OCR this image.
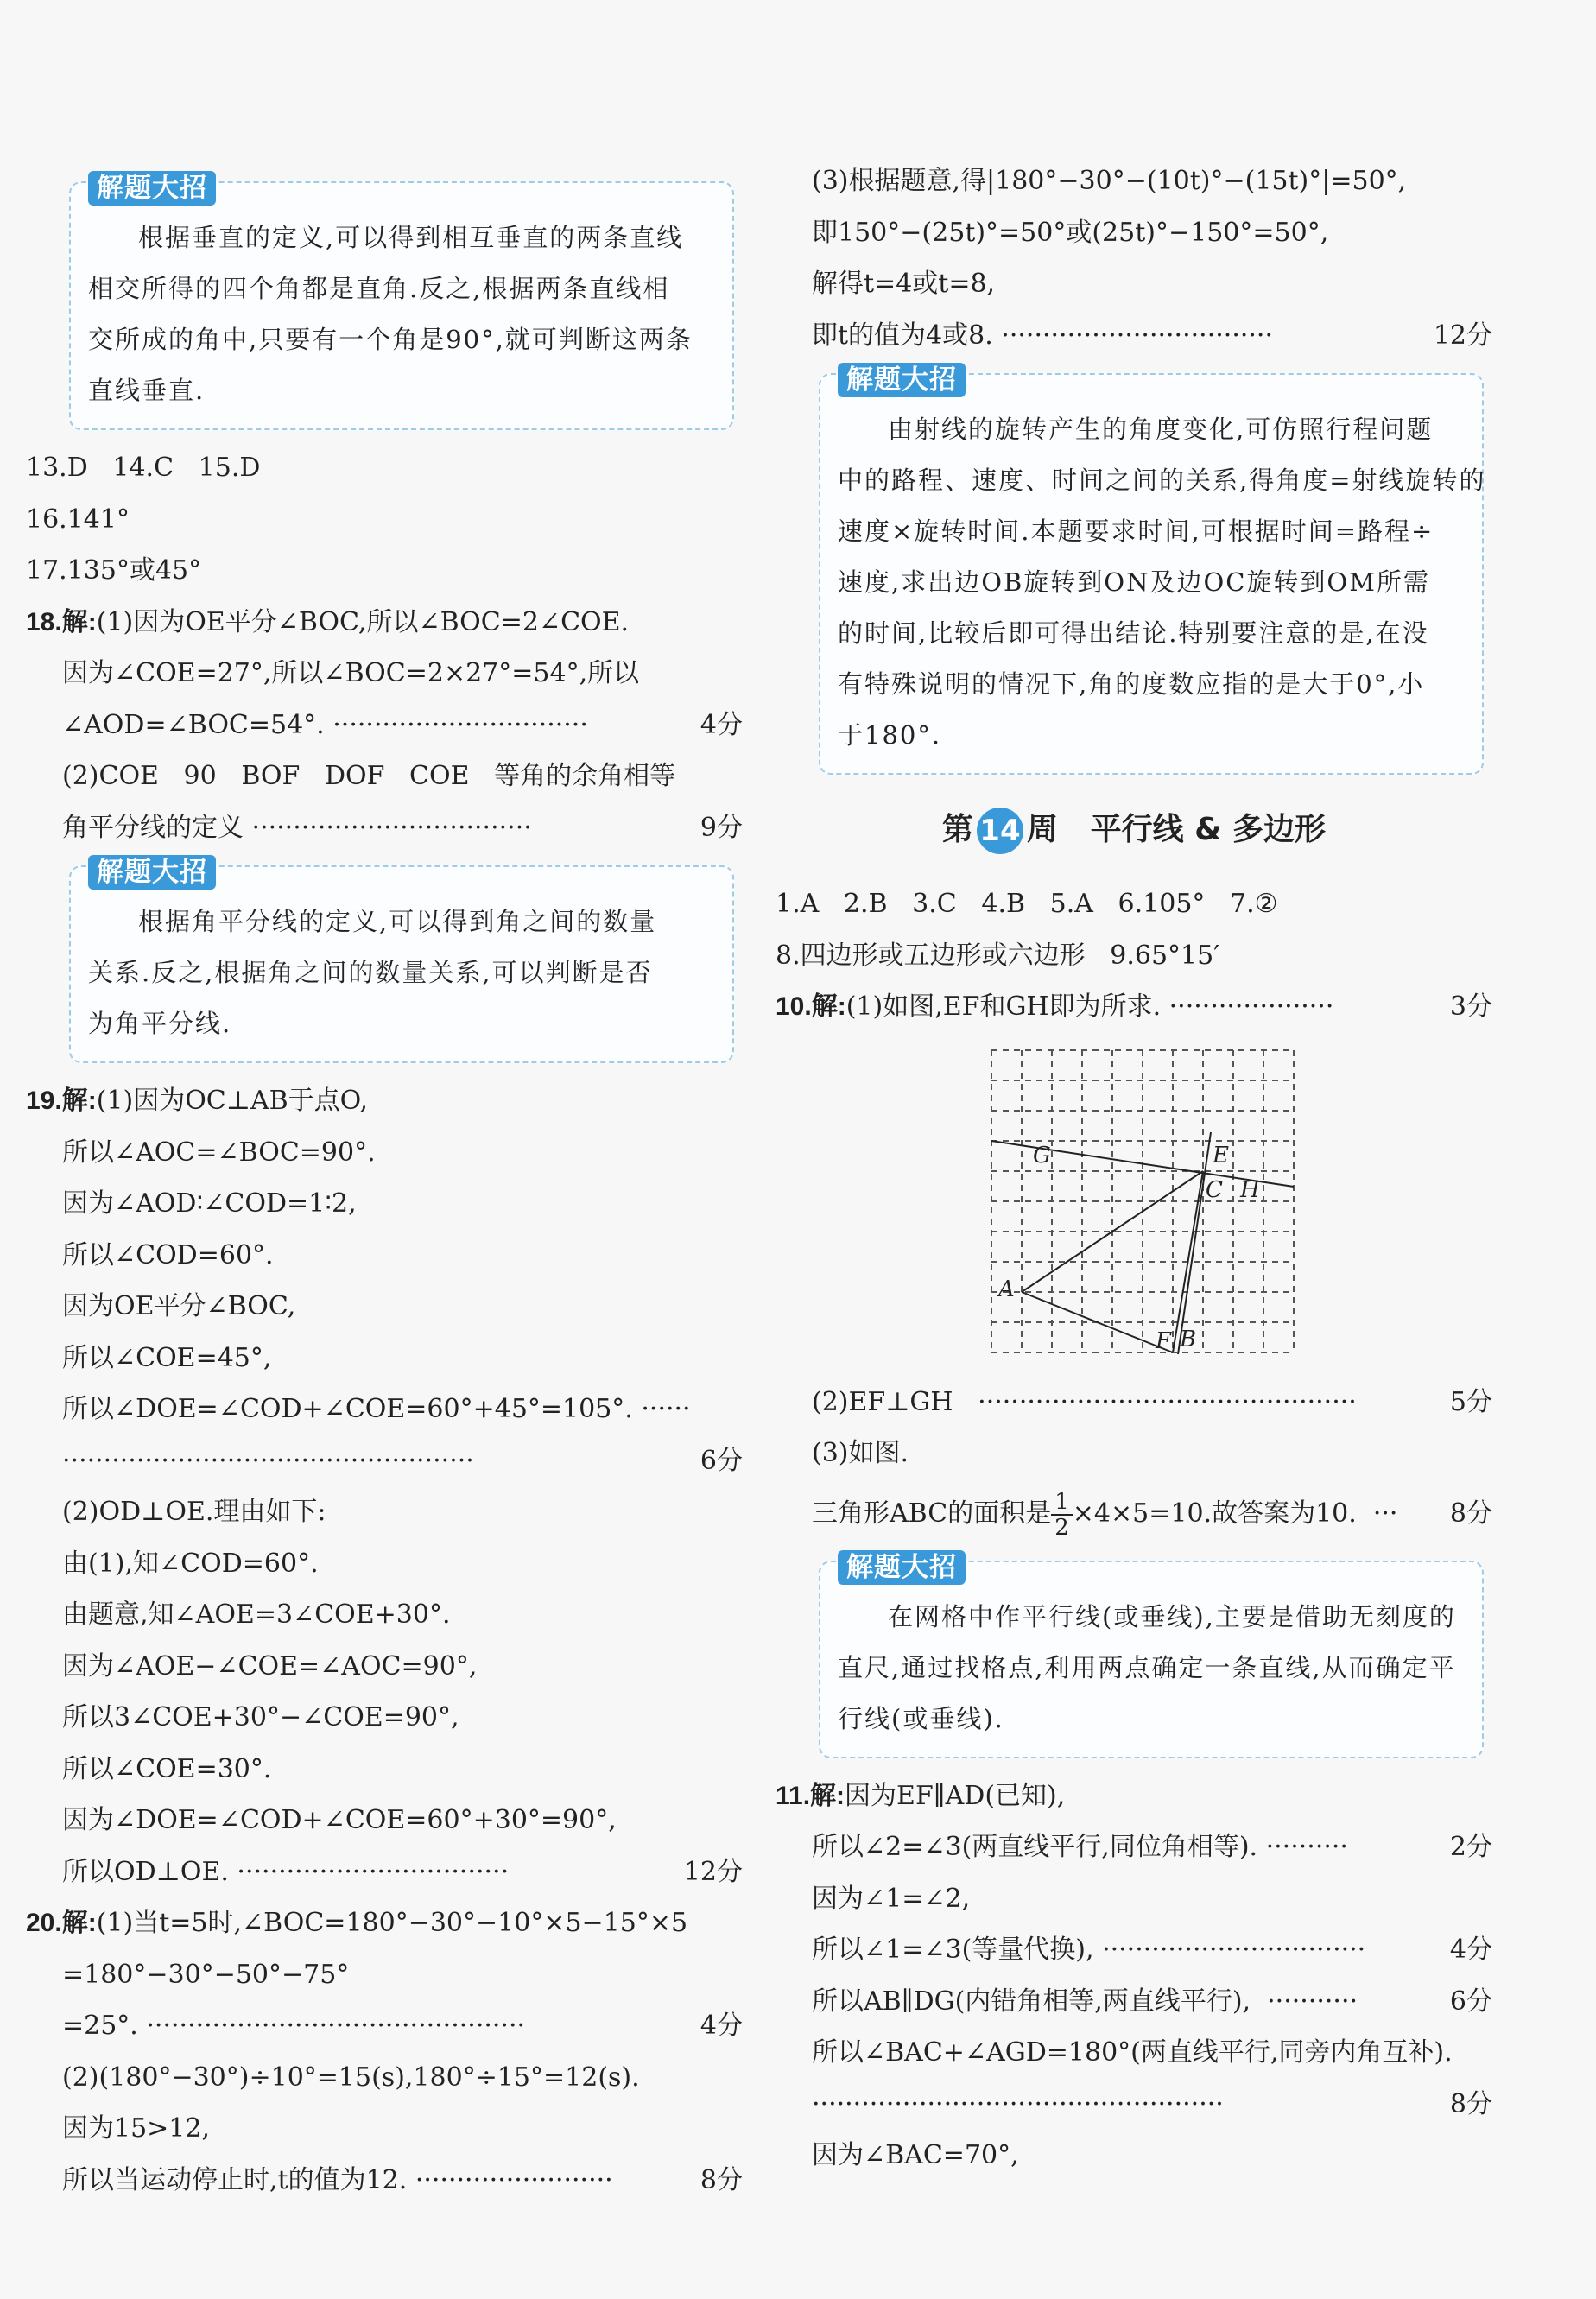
解题大招

根据垂直的定义,可以得到相互垂直的两条直线

相交所得的四个角都是直角.反之,根据两条直线相

交所成的角中,只要有一个角是90°,就可判断这两条

直线垂直.

13.D   14.C   15.D

16.141°

17.135°或45°

18.解:(1)因为OE平分∠BOC,所以∠BOC=2∠COE.

因为∠COE=27°,所以∠BOC=2×27°=54°,所以

∠AOD=∠BOC=54°. ·······························	4分

(2)COE   90   BOF   DOF   COE   等角的余角相等

角平分线的定义 ··································	9分

解题大招

根据角平分线的定义,可以得到角之间的数量

关系.反之,根据角之间的数量关系,可以判断是否

为角平分线.

19.解:(1)因为OC⊥AB于点O,

所以∠AOC=∠BOC=90°.

因为∠AOD∶∠COD=1∶2,

所以∠COD=60°.

因为OE平分∠BOC,

所以∠COE=45°,

所以∠DOE=∠COD+∠COE=60°+45°=105°. ······

··················································	6分

(2)OD⊥OE.理由如下:

由(1),知∠COD=60°.

由题意,知∠AOE=3∠COE+30°.

因为∠AOE−∠COE=∠AOC=90°,

所以3∠COE+30°−∠COE=90°,

所以∠COE=30°.

因为∠DOE=∠COD+∠COE=60°+30°=90°,

所以OD⊥OE. ·································	12分

20.解:(1)当t=5时,∠BOC=180°−30°−10°×5−15°×5

=180°−30°−50°−75°

=25°. ··············································	4分

(2)(180°−30°)÷10°=15(s),180°÷15°=12(s).

因为15>12,

所以当运动停止时,t的值为12. ························	8分

(3)根据题意,得|180°−30°−(10t)°−(15t)°|=50°,

即150°−(25t)°=50°或(25t)°−150°=50°,

解得t=4或t=8,

即t的值为4或8. ·································	12分

解题大招

由射线的旋转产生的角度变化,可仿照行程问题

中的路程、速度、时间之间的关系,得角度=射线旋转的

速度×旋转时间.本题要求时间,可根据时间=路程÷

速度,求出边OB旋转到ON及边OC旋转到OM所需

的时间,比较后即可得出结论.特别要注意的是,在没

有特殊说明的情况下,角的度数应指的是大于0°,小

于180°.

第 14 周 平行线 & 多边形

1.A   2.B   3.C   4.B   5.A   6.105°   7.②

8.四边形或五边形或六边形   9.65°15′

10.解:(1)如图,EF和GH即为所求. ····················	3分

E
G
C H
A
F B

(2)EF⊥GH   ··············································	5分

(3)如图.

三角形ABC的面积是 $\frac{1}{2} \times 4\times 5=10$.故答案为10.  ··· 8分

解题大招

在网格中作平行线(或垂线),主要是借助无刻度的

直尺,通过找格点,利用两点确定一条直线,从而确定平

行线(或垂线).

11.解:因为EF∥AD(已知),

所以∠2=∠3(两直线平行,同位角相等). ··········	2分

因为∠1=∠2,

所以∠1=∠3(等量代换), ································	4分

所以AB∥DG(内错角相等,两直线平行),  ···········	6分

所以∠BAC+∠AGD=180°(两直线平行,同旁内角互补).

··················································	8分

因为∠BAC=70°,
